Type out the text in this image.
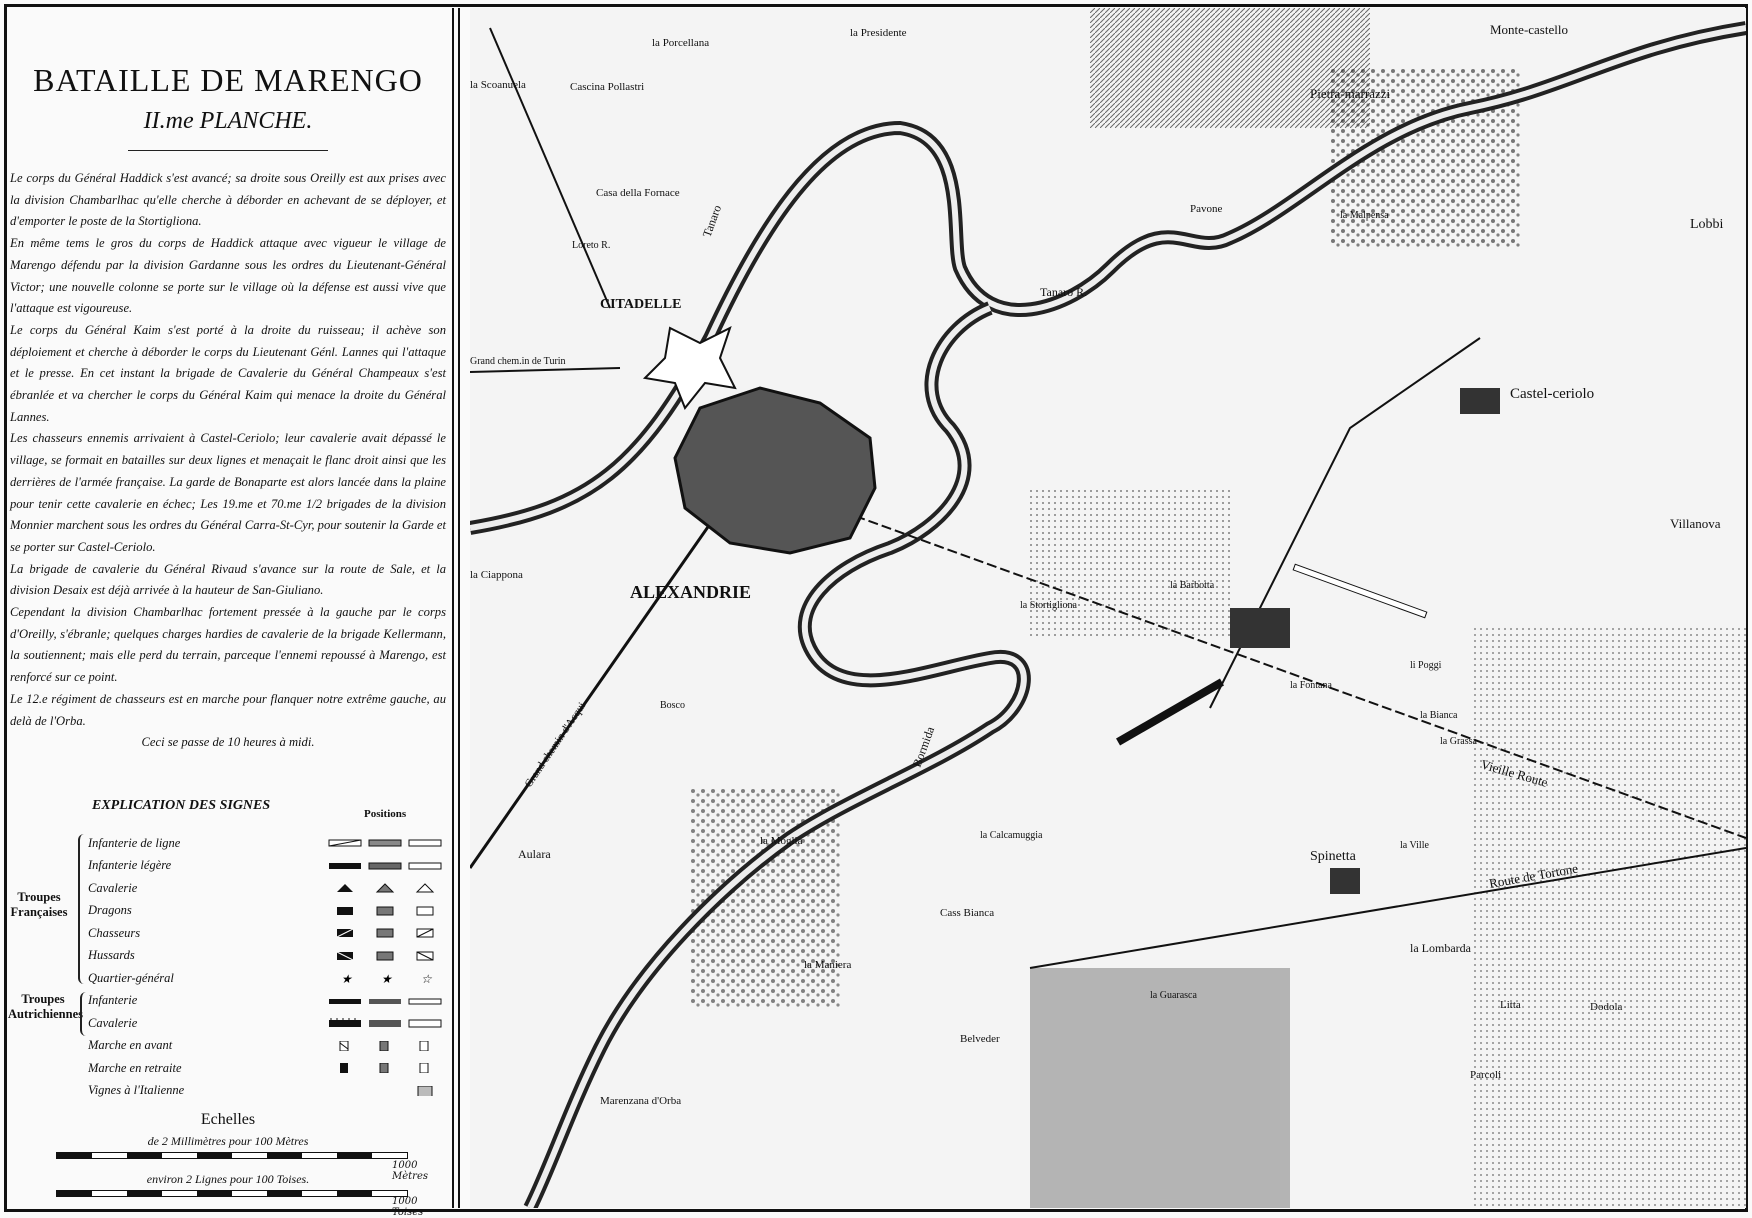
BATAILLE DE MARENGO
II.me PLANCHE.

Le corps du Général Haddick s'est avancé; sa droite sous Oreilly est aux prises avec la division Chambarlhac qu'elle cherche à déborder en achevant de se déployer, et d'emporter le poste de la Stortigliona.

En même tems le gros du corps de Haddick attaque avec vigueur le village de Marengo défendu par la division Gardanne sous les ordres du Lieutenant-Général Victor; une nouvelle colonne se porte sur le village où la défense est aussi vive que l'attaque est vigoureuse.

Le corps du Général Kaim s'est porté à la droite du ruisseau; il achève son déploiement et cherche à déborder le corps du Lieutenant Génl. Lannes qui l'attaque et le presse. En cet instant la brigade de Cavalerie du Général Champeaux s'est ébranlée et va chercher le corps du Général Kaim qui menace la droite du Général Lannes.

Les chasseurs ennemis arrivaient à Castel-Ceriolo; leur cavalerie avait dépassé le village, se formait en batailles sur deux lignes et menaçait le flanc droit ainsi que les derrières de l'armée française. La garde de Bonaparte est alors lancée dans la plaine pour tenir cette cavalerie en échec; Les 19.me et 70.me 1/2 brigades de la division Monnier marchent sous les ordres du Général Carra-St-Cyr, pour soutenir la Garde et se porter sur Castel-Ceriolo.

La brigade de cavalerie du Général Rivaud s'avance sur la route de Sale, et la division Desaix est déjà arrivée à la hauteur de San-Giuliano.

Cependant la division Chambarlhac fortement pressée à la gauche par le corps d'Oreilly, s'ébranle; quelques charges hardies de cavalerie de la brigade Kellermann, la soutiennent; mais elle perd du terrain, parceque l'ennemi repoussé à Marengo, est renforcé sur ce point.

Le 12.e régiment de chasseurs est en marche pour flanquer notre extrême gauche, au delà de l'Orba.

Ceci se passe de 10 heures à midi.

EXPLICATION DES SIGNES
Positions
Troupes Françaises
Troupes Autrichiennes
Infanterie de ligne
Infanterie légère
Cavalerie
Dragons
Chasseurs
Hussards
Quartier-général	★ ★ ☆
Infanterie
Cavalerie
Marche en avant
Marche en retraite
Vignes à l'Italienne
Echelles
de 2 Millimètres pour 100 Mètres
1000 Mètres
environ 2 Lignes pour 100 Toises.
1000 Toises
ALEXANDRIE
CITADELLE
Castel-ceriolo
Villanova
Spinetta
Lobbi
Monte-castello
Pietra-marrazzi
la Porcellana
la Presidente
la Scoanuela	Cascina Pollastri
Casa della Fornace
Tanaro R.
Tanaro	Pavone
la Malpensa
Loreto R.
Grand chem.in de Turin
la Ciappona
Aulara
la Moglia
la Maniera
Belveder
Marenzana d'Orba
Bormida
la Lombarda
la Bianca
la Grassa
li Poggi
la Ville
Cass Bianca
la Guarasca
la Barbotta
la Stortigliona
la Calcamuggia
Litta	Dodola
Parcoli
Vieille Route
Route de Tortone
Grand chemin d'Acqui	Bosco
la Fontana
